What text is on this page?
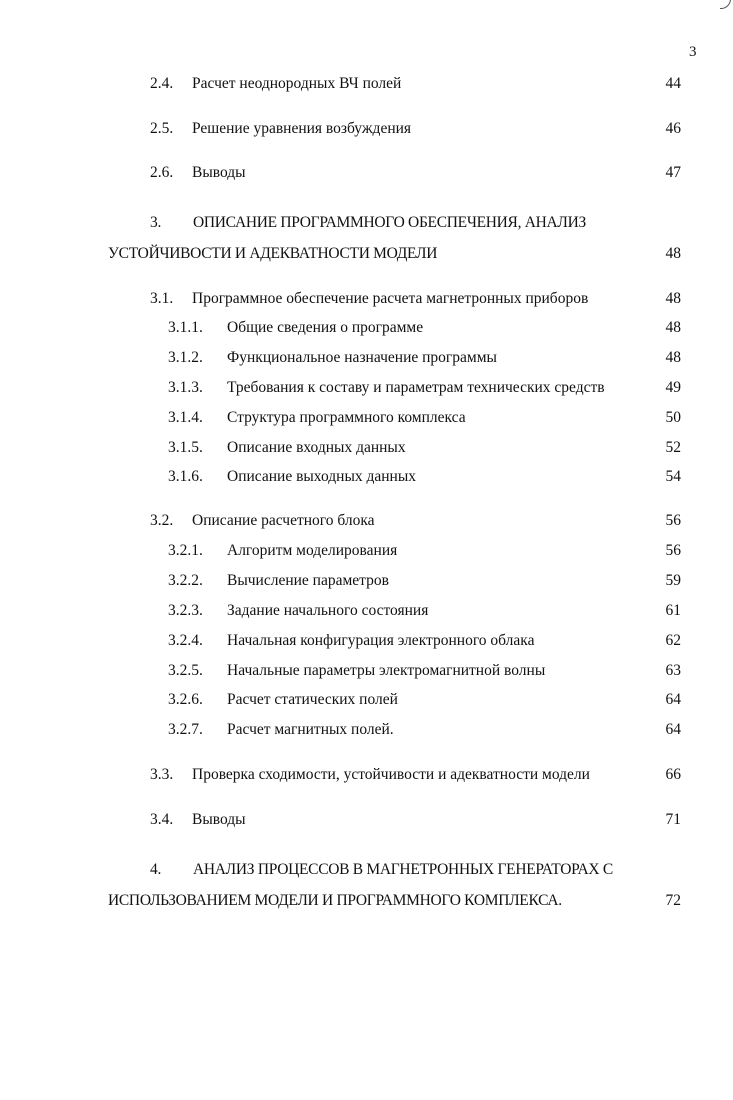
3
2.4. Расчет неоднородных ВЧ полей	44
2.5. Решение уравнения возбуждения	46
2.6. Выводы	47
3. ОПИСАНИЕ ПРОГРАММНОГО ОБЕСПЕЧЕНИЯ, АНАЛИЗ
УСТОЙЧИВОСТИ И АДЕКВАТНОСТИ МОДЕЛИ	48
3.1. Программное обеспечение расчета магнетронных приборов	48
3.1.1. Общие сведения о программе	48
3.1.2. Функциональное назначение программы	48
3.1.3. Требования к составу и параметрам технических средств	49
3.1.4. Структура программного комплекса	50
3.1.5. Описание входных данных	52
3.1.6. Описание выходных данных	54
3.2. Описание расчетного блока	56
3.2.1. Алгоритм моделирования	56
3.2.2. Вычисление параметров	59
3.2.3. Задание начального состояния	61
3.2.4. Начальная конфигурация электронного облака	62
3.2.5. Начальные параметры электромагнитной волны	63
3.2.6. Расчет статических полей	64
3.2.7. Расчет магнитных полей.	64
3.3. Проверка сходимости, устойчивости и адекватности модели	66
3.4. Выводы	71
4. АНАЛИЗ ПРОЦЕССОВ В МАГНЕТРОННЫХ ГЕНЕРАТОРАХ С
ИСПОЛЬЗОВАНИЕМ МОДЕЛИ И ПРОГРАММНОГО КОМПЛЕКСА.	72
